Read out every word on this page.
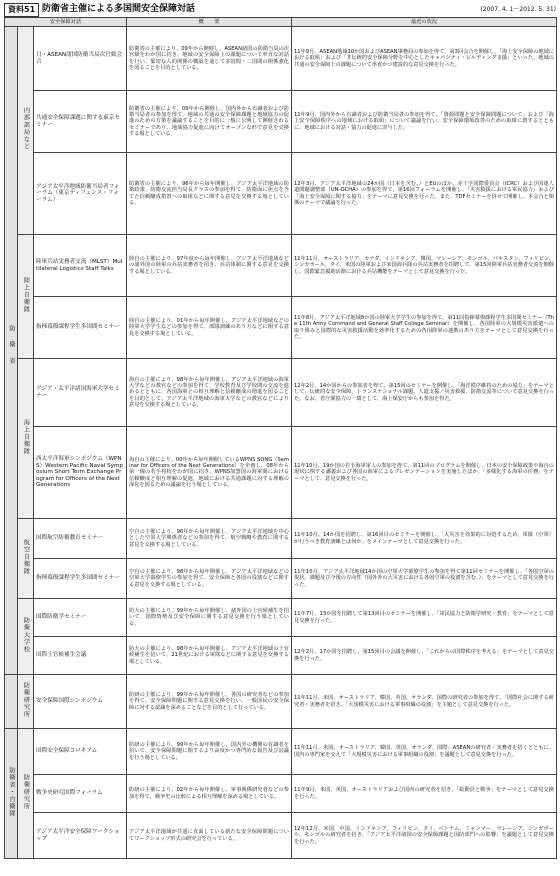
資料51 防衛省主催による多国間安全保障対話	(2007. 4. 1〜2012. 5. 31)
安全保障対話			概　　要	最近の状況
防衛省	内部部局など	日・ASEAN諸国防衛当局次官級会合	防衛省の主催により、09年から開催し、ASEAN諸国の防衛当局の次官級をわが国に招き、地域の安全保障上の課題について率直な対話を行い、緊密な人的関係の構築を通じて多国間・二国間の関係強化を図ることを目的としている。	11年9月、ASEAN地域10か国およびASEAN事務局の参加を得て、第3回会合を開催し、「海上安全保障の地域における取組」および「非伝統的安全保障分野を中心としたキャパシティ・ビルディング支援」といった、地域の共通の安全保障上の課題について率直かつ建設的な意見交換を行った。
		共通安全保障課題に関する東京セミナー	防衛省の主催により、09年から開催し、国内外から有識者および防衛当局者の参加を得て、地域の共通の安全保障課題と地域協力の促進のための方策を議論することを目的に一般に公開して開催されるセミナーであり、地域協力促進に向けてオープンな形で意見を交換する場としている。	11年9月、国内外から有識者および防衛当局者の参加を得て、「資源問題と安全保障問題について」および「海上安全保障秩序への地域における取組」について議論を行い、安全保障環境改善のための取組に資するとともに、地域における対話・協力の促進に寄与した。
		アジア太平洋地域防衛当局者フォーラム（東京ディフェンス・フォーラム）	防衛省の主催により、96年から毎年開催し、アジア太平洋地域の防衛政策、防衛交流担当局長クラスの参加を得て、防衛面に焦点を当てた信頼醸成措置への取組などに関する意見を交換する場としている。	12年3月、アジア太平洋地域の24か国（日本を含む。）とEUのほか、赤十字国際委員会（ICRC）および国連人道問題調整部（UN-OCHA）の参加を得て、第16回フォーラムを開催し、「災害救援における軍民協力」および「海上安全保障に関する協力」をテーマに意見交換を行った。また、TDFセミナーを併せて開催し、本会合と関係のテーマで議論を行った。
	陸上自衛隊	陸軍兵站実務者交流（MLST）Multilateral Logistics Staff Talks	陸自の主催により、97年度から毎年開催し、アジア太平洋地域などの諸外国の陸軍の兵站実務者を招き、兵站体制に関する意見を交換する場としている。	11年11月、オーストラリア、カナダ、インドネシア、韓国、マレーシア、モンゴル、パキスタン、フィリピン、シンガポール、タイ、米国の陸軍および米国海兵隊の兵站実務者を招聘して、第15回陸軍兵站実務者交流を開催し、国際緊急援助活動における兵站機能をテーマとして意見交換を行った。
		指揮幕僚課程学生多国間セミナー	陸自の主催により、01年から毎年開催し、アジア太平洋地域などの陸軍大学学生などの参加を得て、部隊訓練のあり方などに関する意見を交換する場としている。	11年8月、アジア太平洋地域8か国の陸軍大学学生の参加を得て、第11回指揮幕僚課程学生多国間セミナー（The 11th Army Command and General Staff College Seminar）を開催し、各国陸軍の大規模災害派遣への取り組みと国際的な災害救援活動を効率化するための各国陸軍の連携のあり方をテーマとして意見交換を行った。
	海上自衛隊	アジア・太平洋諸国海軍大学セミナー	海自の主催により、98年から毎年開催し、アジア太平洋地域の海軍大学などの教官などの参加を得て、学校教育及び学校間の交流を進めるとともに、各国海軍との相互理解と信頼醸成の増進を図ることを目的として、アジア太平洋地域の海軍大学などの教官などにより意見を交換する場としている。	12年2月、14か国からの参加者を得て、第15回のセミナーを開催し、「海洋秩序維持のための協力」をテーマとして、伝統的な安全保障、トランスナショナル課題、人道支援／災害救援、防衛交流等について意見交換を行った。なお、省庁間協力の一環として、海上保安庁からも参加を得た。
		西太平洋海軍シンポジウム（WPNS）Western Pacific Naval Symposium Short Term Exchange Program for Officers of the Next Generations	海自の主催により、00年から毎年開催しているWPNS SONG（Seminar for Officers of the Next Generations）を企画し、08年から第一線の若手将校をわが国に招き、WPNS加盟国の海軍間における信頼醸成と相互理解の促進、地域における共通課題に対する理解の深化を図るための議論を行う場としている。	11年10月、19か国の若手海軍軍人の参加を得て、第11回のプログラムを開催し、日本の安全保障政策や海自の現状に関する講義および各国の海軍によるプレゼンテーションを実施したほか、「多様化する海軍の任務」をテーマとして、意見交換を行った。
	航空自衛隊	国際航空防衛教育セミナー	空自の主催により、96年から毎年開催し、アジア太平洋地域を中心とした空軍大学関係者などの参加を得て、航空戦略や教育に関する意見を交換する場としている。	11年10月、14か国を招聘し、第16回目のセミナーを開催し、「大災害を効果的に対処するため、軍隊（空軍）が行うべき教育訓練とは何か」をメインテーマとして意見交換を行った。
		指揮幕僚課程学生多国間セミナー	空自の主催により、98年から毎年開催し、アジア太平洋地域などの空軍大学幕僚学生の参加を得て、安全保障と各国の役割などに関する意見を交換する場としている。	11年10月、アジア太平洋地域14か国の空軍大学幕僚学生の参加を得て第11回セミナーを開催し、「各国空軍の現状、課題及び今後の方向性（国外外の大災害における各国空軍の役割を含む。）」をテーマとして意見交換を行った。
	防衛大学校	国際防衛学セミナー	防大の主催により、99年から毎年開催し、諸外国の士官候補生を招いて、国際情勢及び安全保障に関する意見交換を行う場としている。	11年7月、13か国を招聘して第13回目のセミナーを開催し、「軍民協力と防衛学研究・教育」をテーマとして意見交換を行った。
		国際士官候補生会議	防大の主催により、98年から毎年開催し、アジア太平洋地域の士官候補生を招いて、21世紀における軍隊などに関する意見を交換する場としている。	12年2月、17か国を招聘し、第15回目の会議を開催し、「これからの国際秩序を考える」をテーマとして意見交換を行った。
	防衛研究所	安全保障国際シンポジウム	防研の主催により、99年から毎年開催し、各国の研究者などの参加を得て、安全保障問題に関する意見交換を行い、一般国民の安全保障に対する認識を深めることなどを目的として行っている。	11年11月、米国、オーストラリア、韓国、英国、オランダ、国際の研究者の参加を得て、「国際社会に関する研究者・実務者を招き、「大規模災害における軍事組織の役割」を主題として意見交換を行った。
防衛省・自衛隊	防衛研究所	国際安全保障コロキアム	防研の主催により、99年から毎年開催し、国内外の機関の有識者を招いて、安全保障問題に関するより高度かつ専門的な報告及び討議を行う場としている。	11年11月、米国、オーストラリア、韓国、英国、オランダ、国際、ASEANの研究者・実務者を招くとともに、国内の専門家を交えて「大規模災害における軍事組織の役割」を議題として意見交換を行った。
		戦争史研究国際フォーラム	防研の主催により、02年から毎年開催し、軍事関係研究者などの参加を得て、戦争史の比較による相互理解を深める場としている。	11年9月、米国、英国、オーストラリアおよび国内の研究者を招き、「総動員と戦争」をテーマとして意見交換を行った。
		アジア太平洋安全保障ワークショップ	アジア太平洋地域が共通に直面している新たな安全保障問題についてワークショップ形式の研究会を行っている。	12年12月、米国、中国、インドネシア、フィリピン、タイ、ベトナム、ミャンマー、マレーシア、シンガポール、モンゴルの研究者を招き、「アジア太平洋諸国の安全保障課題と国防部門への影響」を議題として意見交換を行った。
